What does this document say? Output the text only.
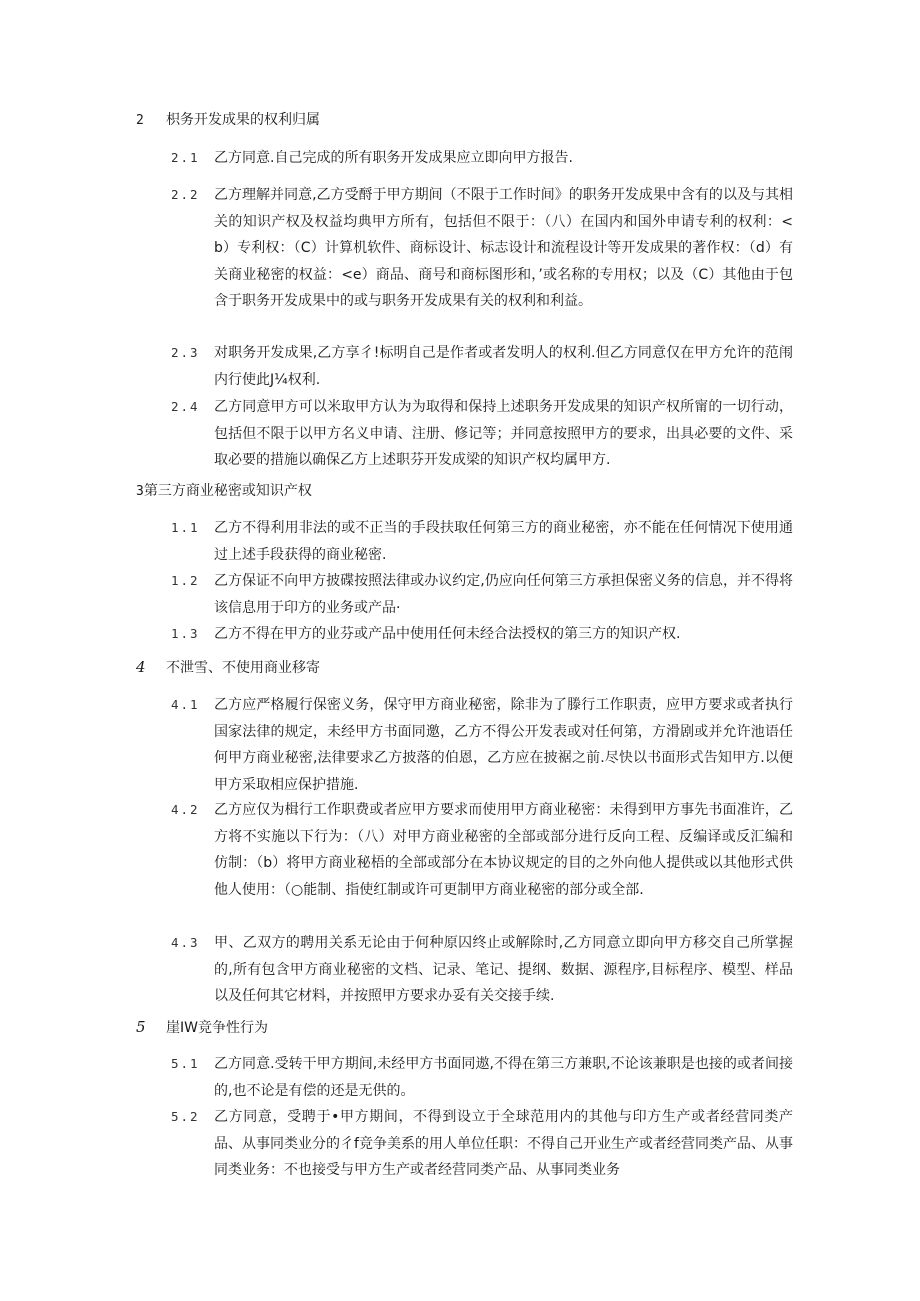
2 枳务开发成果的权利归属
2.1 乙方同意.自己完成的所有职务开发成果应立即向甲方报告.
2.2 乙方理解并同意,乙方受酹于甲方期间（不限于工作时间》的职务开发成果中含有的以及与其相关的知识产权及权益均典甲方所有，包括但不限于：（八）在国内和国外申请专利的权利：<b）专利权：（C）计算机软件、商标设计、标志设计和流程设计等开发成果的著作权：（d）有关商业秘密的权益：<e）商品、商号和商标图形和，’或名称的专用权；以及（C）其他由于包含于职务开发成果中的或与职务开发成果有关的权利和利益。
2.3 对职务开发成果,乙方享彳!标明自己是作者或者发明人的权利.但乙方同意仅在甲方允许的范闱内行使此J¼权利.
2.4 乙方同意甲方可以米取甲方认为为取得和保持上述职务开发成果的知识产权所甯的一切行动，包括但不限于以甲方名义申请、注册、修记等；并同意按照甲方的要求，出具必要的文件、采取必要的措施以确保乙方上述职芬开发成梁的知识产权均属甲方.
3第三方商业秘密或知识产权
1.1 乙方不得利用非法的或不正当的手段扶取任何第三方的商业秘密，亦不能在任何情况下使用通过上述手段获得的商业秘密.
1.2 乙方保证不向甲方披碟按照法律或办议约定,仍应向任何第三方承担保密义务的信息，并不得将该信息用于印方的业务或产品·
1.3 乙方不得在甲方的业芬或产品中使用任何未经合法授权的第三方的知识产权.
4 不泄雪、不使用商业移寄
4.1 乙方应严格履行保密义务，保守甲方商业秘密，除非为了滕行工作职责，应甲方要求或者执行国家法律的规定，未经甲方书面同邀，乙方不得公开发表或对任何第，方滑剧或并允许池语任何甲方商业秘密,法律要求乙方披落的伯恩，乙方应在披裾之前.尽快以书面形式告知甲方.以便甲方采取相应保护措施.
4.2 乙方应仅为楫行工作职费或者应甲方要求而使用甲方商业秘密：未得到甲方事先书面准许，乙方将不实施以下行为：（八）对甲方商业秘密的全部或部分进行反向工程、反编译或反汇编和仿制：（b）将甲方商业秘梧的全部或部分在本协议规定的目的之外向他人提供或以其他形式供他人使用：（○能制、指使红制或许可更制甲方商业秘密的部分或全部.
4.3 甲、乙双方的聘用关系无论由于何种原囚终止或解除时,乙方同意立即向甲方移交自己所掌握的,所有包含甲方商业秘密的文档、记录、笔记、提纲、数据、源程序,目标程序、模型、样品以及任何其它材料，并按照甲方要求办妥有关交接手续.
5 崖IW竞争性行为
5.1 乙方同意.受转干甲方期间,未经甲方书面同遨,不得在第三方兼职,不论该兼职是也接的或者间接的,也不论是有偿的还是无供的。
5.2 乙方同意，受聘于•甲方期间，不得到设立于全球范用内的其他与印方生产或者经营同类产品、从事同类业分的彳f竞争美系的用人单位任职：不得自己开业生产或者经营同类产品、从事同类业务：不也接受与甲方生产或者经营同类产品、从事同类业务
